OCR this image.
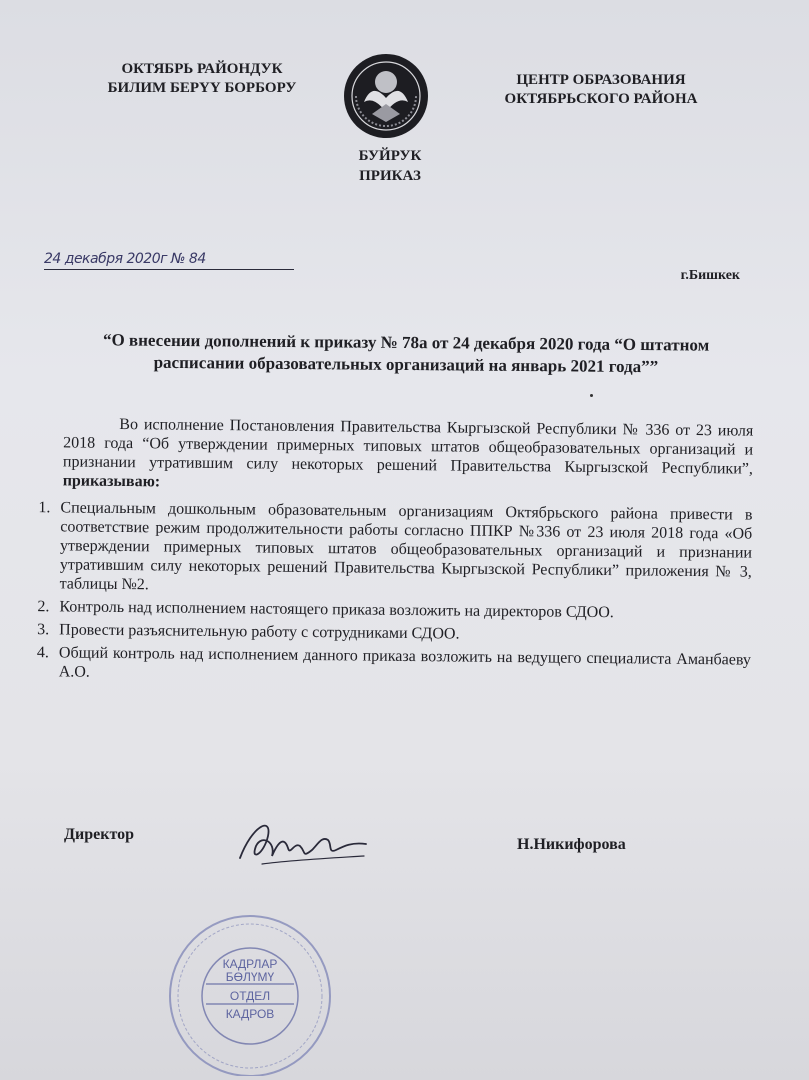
ОКТЯБРЬ РАЙОНДУК
БИЛИМ БЕРҮҮ БОРБОРУ	ЦЕНТР ОБРАЗОВАНИЯ
ОКТЯБРЬСКОГО РАЙОНА
БУЙРУК
ПРИКАЗ
24 декабря 2020г № 84
г.Бишкек
“О внесении дополнений к приказу № 78а от 24 декабря 2020 года “О штатном расписании образовательных организаций на январь 2021 года””

Во исполнение Постановления Правительства Кыргызской Республики № 336 от 23 июля 2018 года “Об утверждении примерных типовых штатов общеобразовательных организаций и признании утратившим силу некоторых решений Правительства Кыргызской Республики”, приказываю:

1. Специальным дошкольным образовательным организациям Октябрьского района привести в соответствие режим продолжительности работы согласно ППКР №336 от 23 июля 2018 года «Об утверждении примерных типовых штатов общеобразовательных организаций и признании утратившим силу некоторых решений Правительства Кыргызской Республики” приложения № 3, таблицы №2.
2. Контроль над исполнением настоящего приказа возложить на директоров СДОО.
3. Провести разъяснительную работу с сотрудниками СДОО.
4. Общий контроль над исполнением данного приказа возложить на ведущего специалиста Аманбаеву А.О.
Директор
Н.Никифорова
КАДРЛАР
БӨЛҮМҮ
ОТДЕЛ
КАДРОВ
